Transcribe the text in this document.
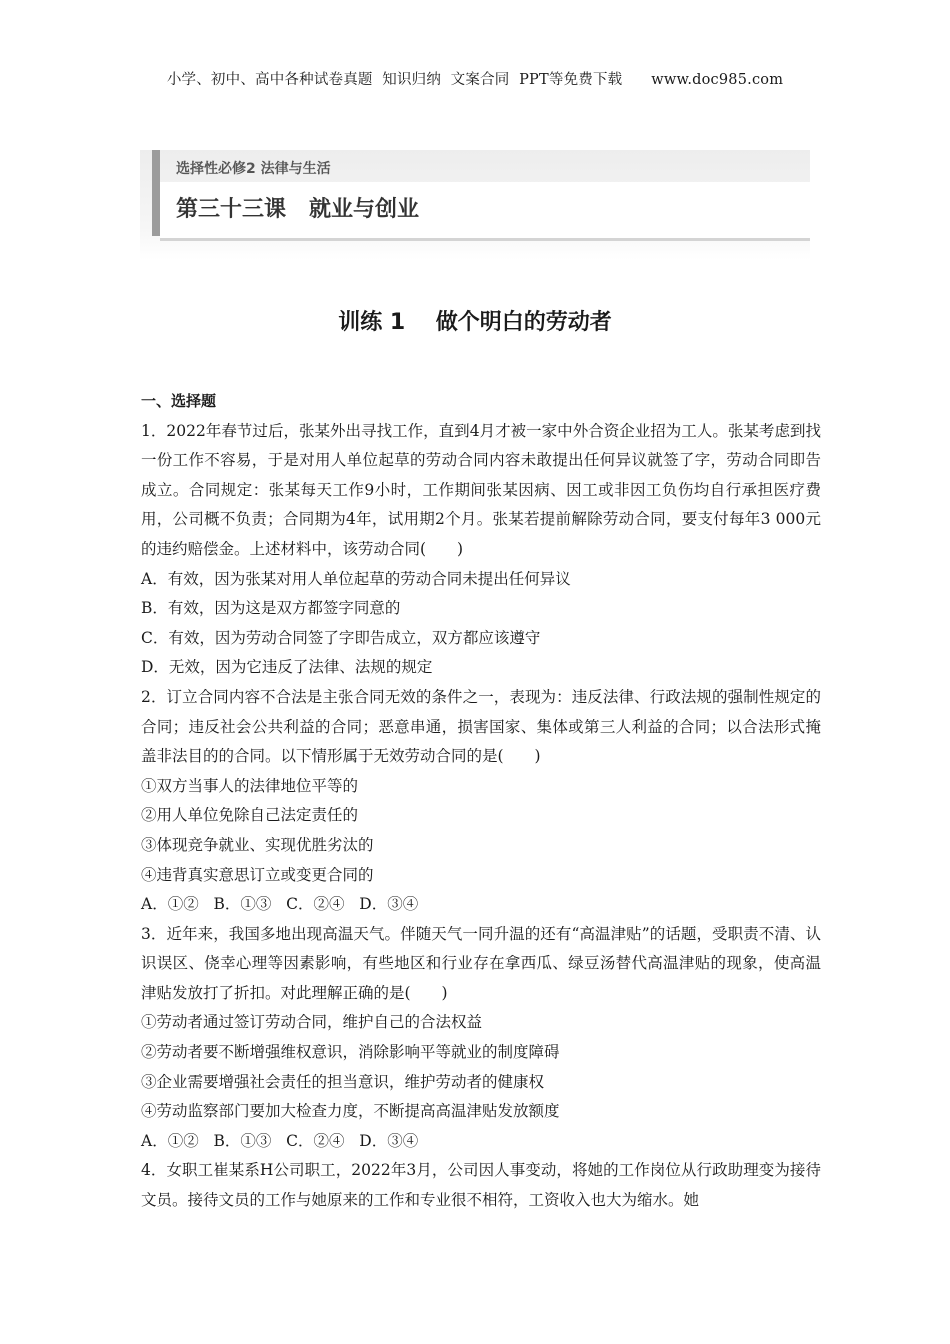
小学、初中、高中各种试卷真题  知识归纳  文案合同  PPT等免费下载      www.doc985.com
选择性必修2 法律与生活
第三十三课   就业与创业
训练 1    做个明白的劳动者
一、选择题
1．2022年春节过后，张某外出寻找工作，直到4月才被一家中外合资企业招为工人。张某考虑到找一份工作不容易，于是对用人单位起草的劳动合同内容未敢提出任何异议就签了字，劳动合同即告成立。合同规定：张某每天工作9小时，工作期间张某因病、因工或非因工负伤均自行承担医疗费用，公司概不负责；合同期为4年，试用期2个月。张某若提前解除劳动合同，要支付每年3 000元的违约赔偿金。上述材料中，该劳动合同(　　)
A．有效，因为张某对用人单位起草的劳动合同未提出任何异议
B．有效，因为这是双方都签字同意的
C．有效，因为劳动合同签了字即告成立，双方都应该遵守
D．无效，因为它违反了法律、法规的规定
2．订立合同内容不合法是主张合同无效的条件之一，表现为：违反法律、行政法规的强制性规定的合同；违反社会公共利益的合同；恶意串通，损害国家、集体或第三人利益的合同；以合法形式掩盖非法目的的合同。以下情形属于无效劳动合同的是(　　)
①双方当事人的法律地位平等的
②用人单位免除自己法定责任的
③体现竞争就业、实现优胜劣汰的
④违背真实意思订立或变更合同的
A．①②   B．①③   C．②④   D．③④
3．近年来，我国多地出现高温天气。伴随天气一同升温的还有“高温津贴”的话题，受职责不清、认识误区、侥幸心理等因素影响，有些地区和行业存在拿西瓜、绿豆汤替代高温津贴的现象，使高温津贴发放打了折扣。对此理解正确的是(　　)
①劳动者通过签订劳动合同，维护自己的合法权益
②劳动者要不断增强维权意识，消除影响平等就业的制度障碍
③企业需要增强社会责任的担当意识，维护劳动者的健康权
④劳动监察部门要加大检查力度，不断提高高温津贴发放额度
A．①②   B．①③   C．②④   D．③④
4．女职工崔某系H公司职工，2022年3月，公司因人事变动，将她的工作岗位从行政助理变为接待文员。接待文员的工作与她原来的工作和专业很不相符，工资收入也大为缩水。她
